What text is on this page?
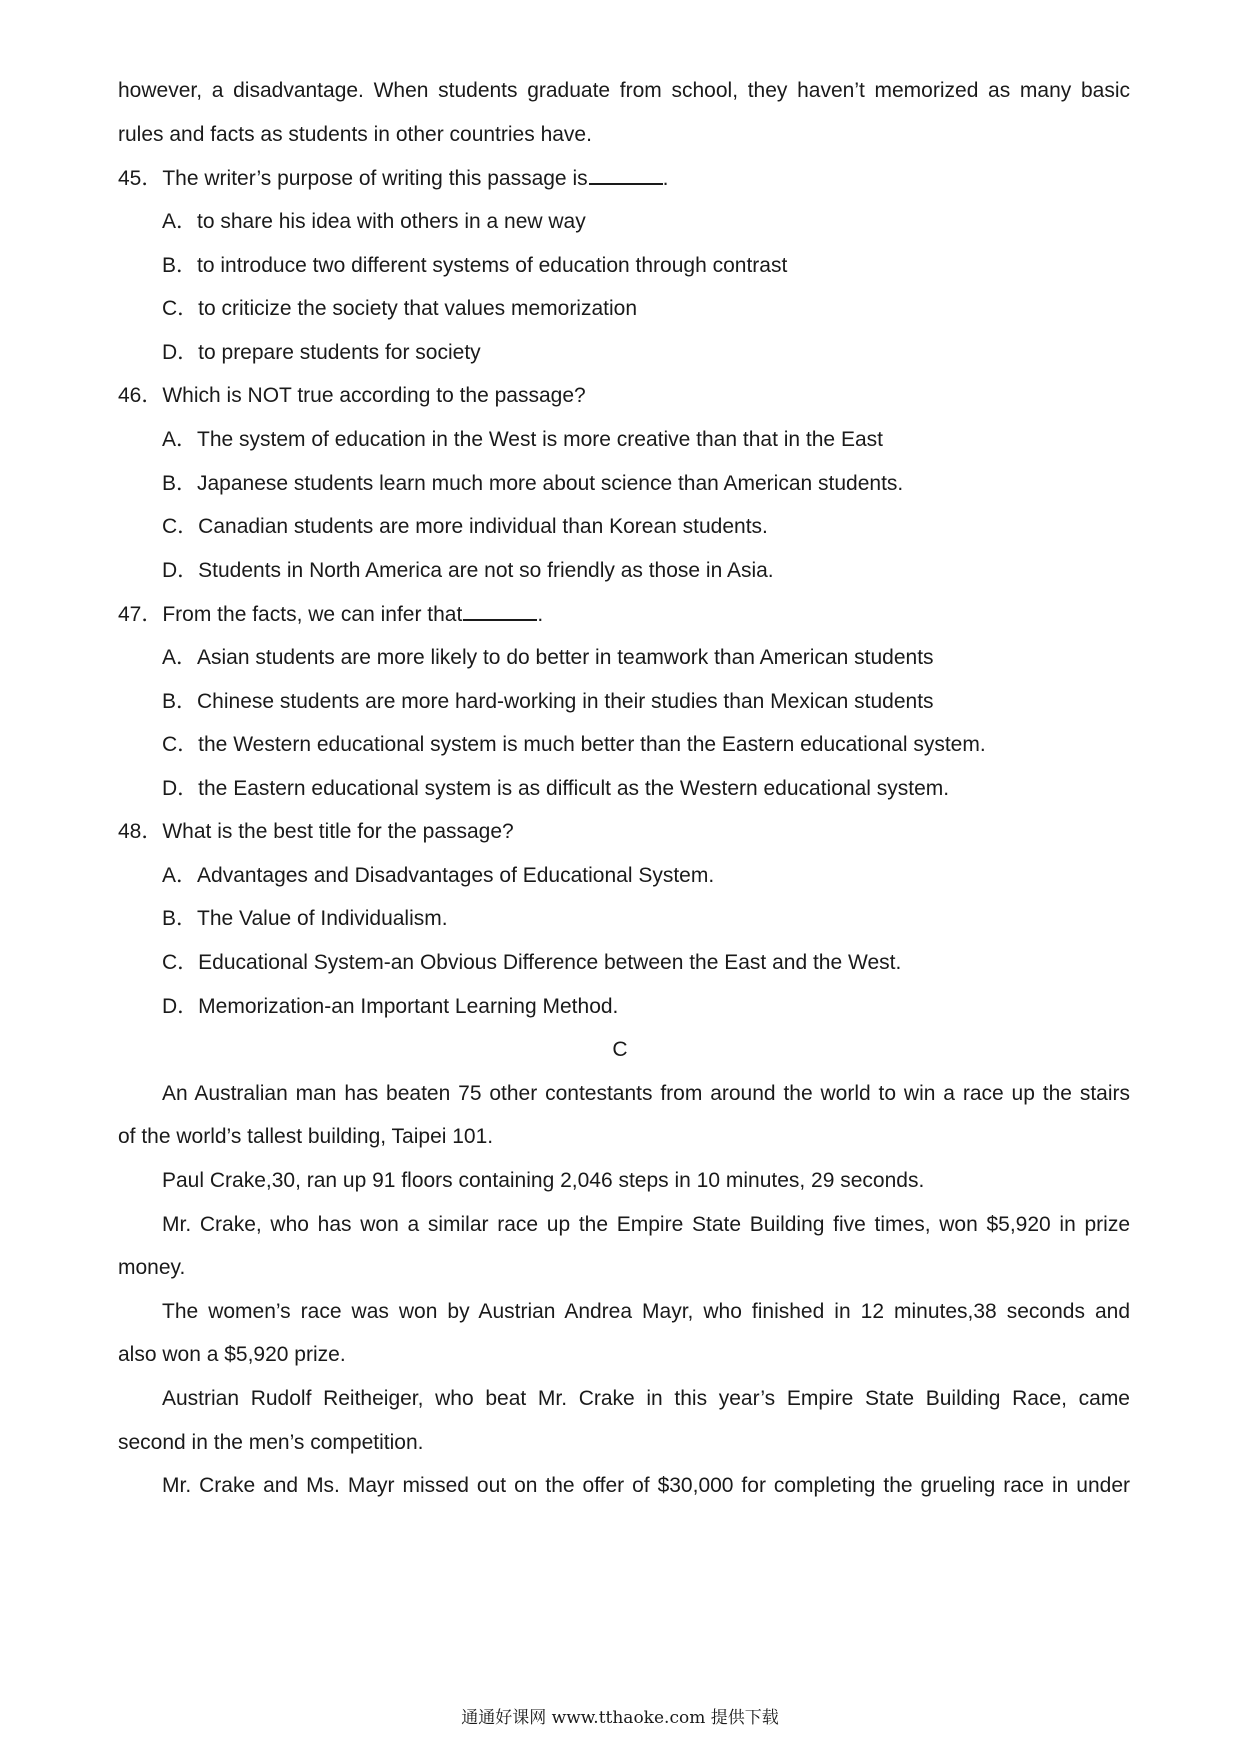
however, a disadvantage. When students graduate from school, they haven’t memorized as many basic
rules and facts as students in other countries have.
45．The writer’s purpose of writing this passage is	.
A．to share his idea with others in a new way
B．to introduce two different systems of education through contrast
C．to criticize the society that values memorization
D．to prepare students for society
46．Which is NOT true according to the passage?
A．The system of education in the West is more creative than that in the East
B．Japanese students learn much more about science than American students.
C．Canadian students are more individual than Korean students.
D．Students in North America are not so friendly as those in Asia.
47．From the facts, we can infer that	.
A．Asian students are more likely to do better in teamwork than American students
B．Chinese students are more hard-working in their studies than Mexican students
C．the Western educational system is much better than the Eastern educational system.
D．the Eastern educational system is as difficult as the Western educational system.
48．What is the best title for the passage?
A．Advantages and Disadvantages of Educational System.
B．The Value of Individualism.
C．Educational System-an Obvious Difference between the East and the West.
D．Memorization-an Important Learning Method.
C
An Australian man has beaten 75 other contestants from around the world to win a race up the stairs
of the world’s tallest building, Taipei 101.
Paul Crake,30, ran up 91 floors containing 2,046 steps in 10 minutes, 29 seconds.
Mr. Crake, who has won a similar race up the Empire State Building five times, won $5,920 in prize
money.
The women’s race was won by Austrian Andrea Mayr, who finished in 12 minutes,38 seconds and
also won a $5,920 prize.
Austrian Rudolf Reitheiger, who beat Mr. Crake in this year’s Empire State Building Race, came
second in the men’s competition.
Mr. Crake and Ms. Mayr missed out on the offer of $30,000 for completing the grueling race in under
通通好课网 www.tthaoke.com 提供下载
